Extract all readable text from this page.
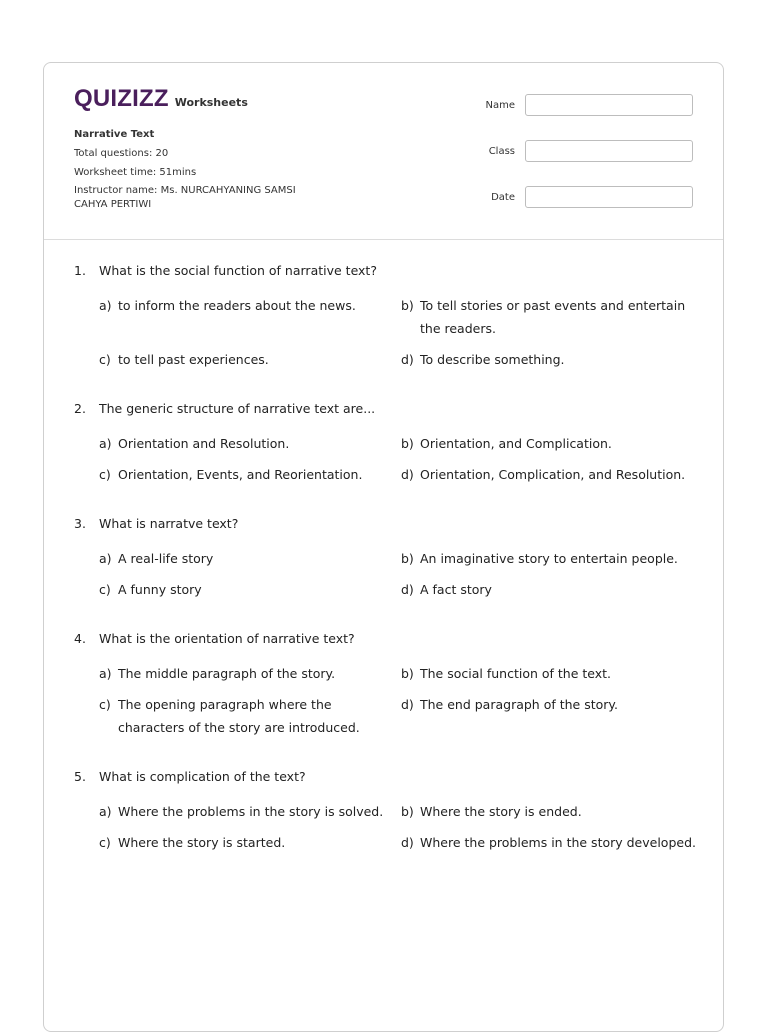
QUIZIZZ Worksheets
Narrative Text
Total questions: 20
Worksheet time: 51mins
Instructor name: Ms. NURCAHYANING SAMSI CAHYA PERTIWI
Name
Class
Date
1.	What is the social function of narrative text?
a) to inform the readers about the news.	b) To tell stories or past events and entertain the readers.
c) to tell past experiences.	d) To describe something.
2.	The generic structure of narrative text are...
a) Orientation and Resolution.	b) Orientation, and Complication.
c) Orientation, Events, and Reorientation.	d) Orientation, Complication, and Resolution.
3.	What is narratve text?
a) A real-life story	b) An imaginative story to entertain people.
c) A funny story	d) A fact story
4.	What is the orientation of narrative text?
a) The middle paragraph of the story.	b) The social function of the text.
c) The opening paragraph where the characters of the story are introduced.
d) The end paragraph of the story.
5.	What is complication of the text?
a) Where the problems in the story is solved.	b) Where the story is ended.
c) Where the story is started.	d) Where the problems in the story developed.
